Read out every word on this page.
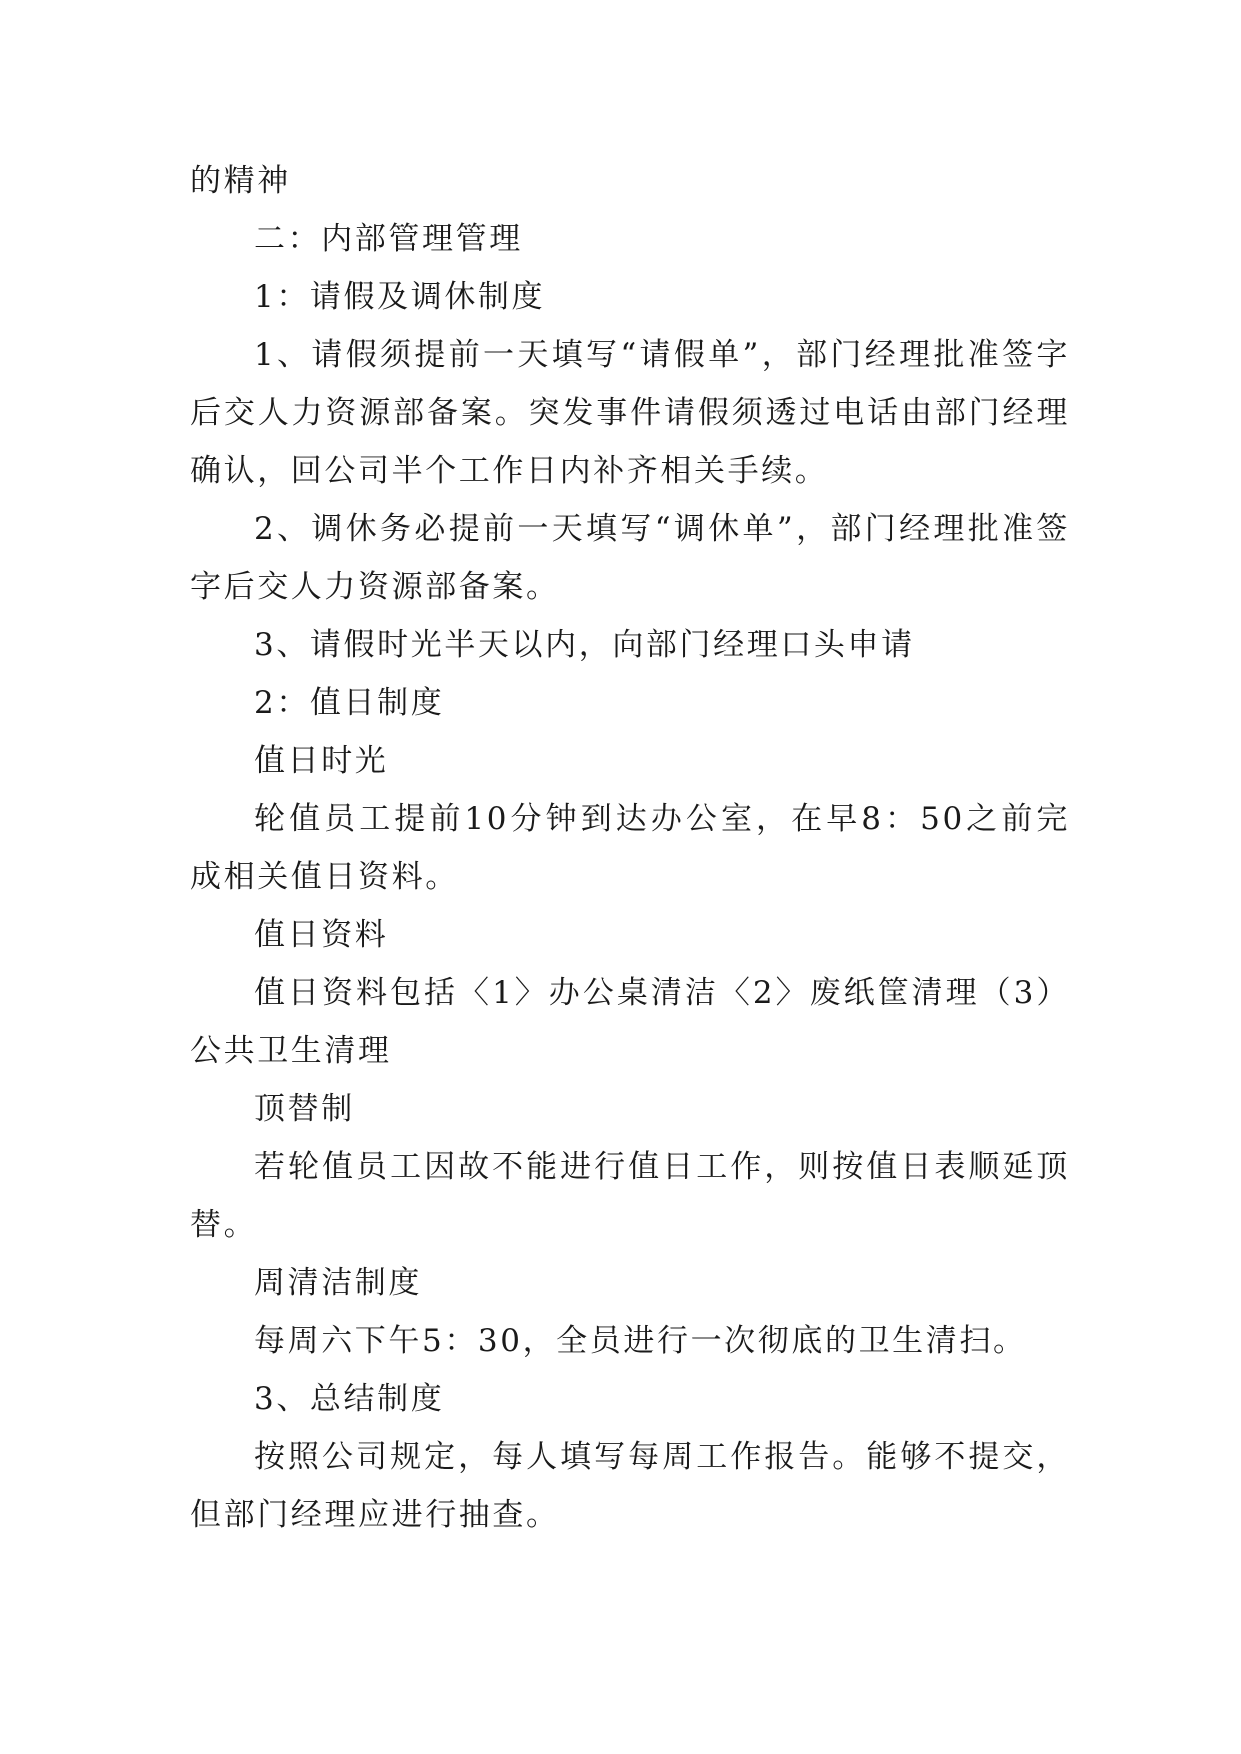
的精神

二：内部管理管理

1：请假及调休制度

1、请假须提前一天填写“请假单”，部门经理批准签字后交人力资源部备案。突发事件请假须透过电话由部门经理确认，回公司半个工作日内补齐相关手续。

2、调休务必提前一天填写“调休单”，部门经理批准签字后交人力资源部备案。

3、请假时光半天以内，向部门经理口头申请

2：值日制度

值日时光

轮值员工提前10分钟到达办公室，在早8：50之前完成相关值日资料。

值日资料

值日资料包括〈1〉办公桌清洁〈2〉废纸筐清理（3）公共卫生清理

顶替制

若轮值员工因故不能进行值日工作，则按值日表顺延顶替。

周清洁制度

每周六下午5：30，全员进行一次彻底的卫生清扫。

3、总结制度

按照公司规定，每人填写每周工作报告。能够不提交，但部门经理应进行抽查。
